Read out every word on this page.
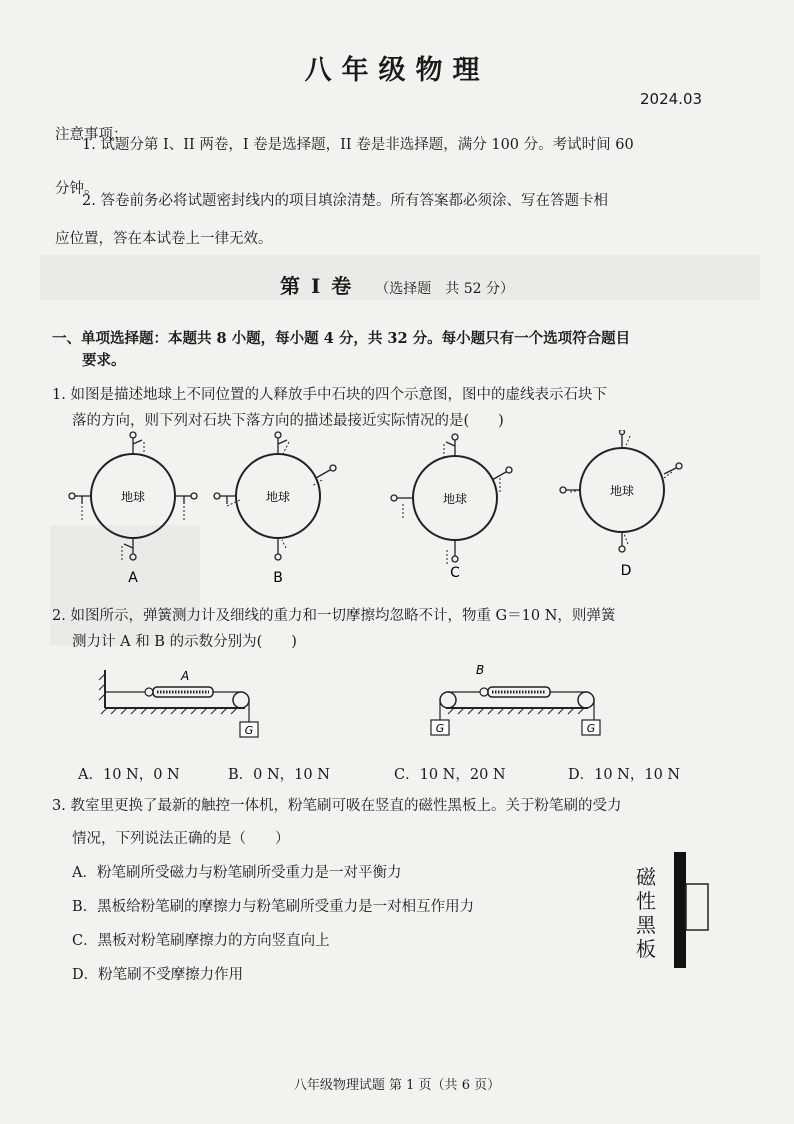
八年级物理
2024.03
注意事项：
1. 试题分第 I、II 两卷，I 卷是选择题，II 卷是非选择题，满分 100 分。考试时间 60
分钟。
2. 答卷前务必将试题密封线内的项目填涂清楚。所有答案都必须涂、写在答题卡相
应位置，答在本试卷上一律无效。
第 I 卷 （选择题　共 52 分）
一、单项选择题：本题共 8 小题，每小题 4 分，共 32 分。每小题只有一个选项符合题目
要求。
1. 如图是描述地球上不同位置的人释放手中石块的四个示意图，图中的虚线表示石块下
落的方向，则下列对石块下落方向的描述最接近实际情况的是(　　)
地球
A
地球
B
地球
C
地球
D
2. 如图所示，弹簧测力计及细线的重力和一切摩擦均忽略不计，物重 G＝10 N，则弹簧
测力计 A 和 B 的示数分别为(　　)
A
G
B
G	G
A．10 N，0 N	B．0 N，10 N	C．10 N，20 N	D．10 N，10 N
3. 教室里更换了最新的触控一体机，粉笔刷可吸在竖直的磁性黑板上。关于粉笔刷的受力
情况，下列说法正确的是（　　）
A．粉笔刷所受磁力与粉笔刷所受重力是一对平衡力
B．黑板给粉笔刷的摩擦力与粉笔刷所受重力是一对相互作用力
C．黑板对粉笔刷摩擦力的方向竖直向上
D．粉笔刷不受摩擦力作用
磁
性
黑
板
八年级物理试题 第 1 页（共 6 页）
